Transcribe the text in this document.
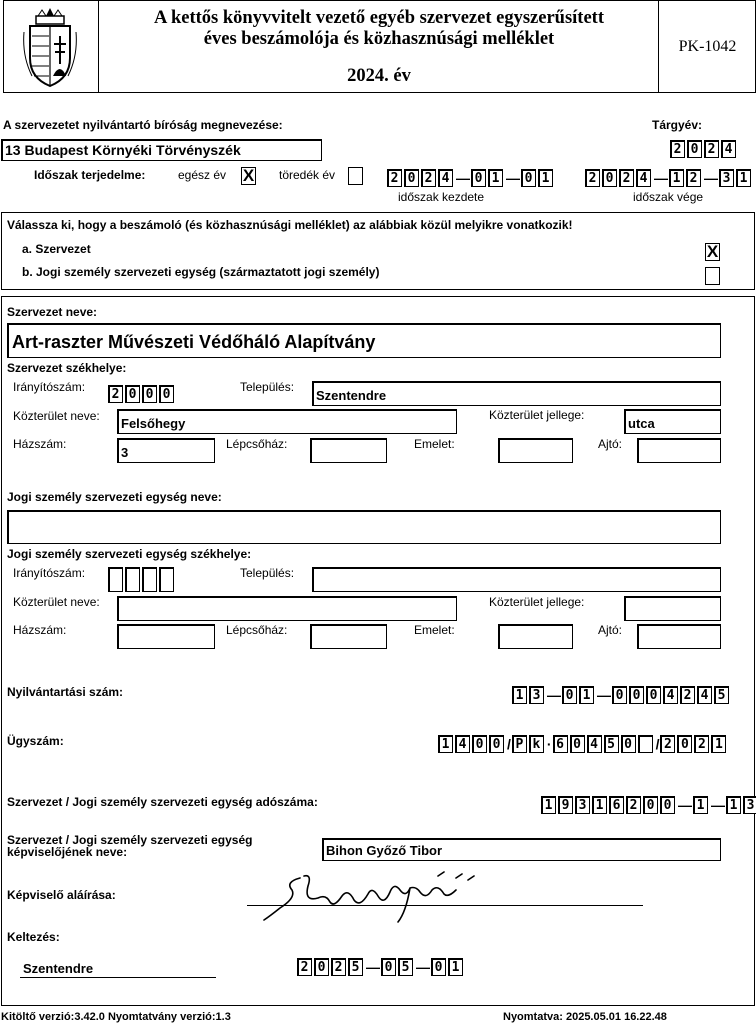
A kettős könyvvitelt vezető egyéb szervezet egyszerűsített
éves beszámolója és közhasznúsági melléklet
2024. év
PK-1042
A szervezetet nyilvántartó bíróság megnevezése:	Tárgyév:
13 Budapest Környéki Törvényszék	2 0 2 4
Időszak terjedelme:	egész év X töredék év	2 0 2 4 — 0 1 — 0 1
időszak kezdete
2 0 2 4 — 1 2 — 3 1
időszak vége
Válassza ki, hogy a beszámoló (és közhasznúsági melléklet) az alábbiak közül melyikre vonatkozik!
a. Szervezet	X
b. Jogi személy szervezeti egység (származtatott jogi személy)
Szervezet neve:
Art-raszter Művészeti Védőháló Alapítvány
Szervezet székhelye:
Irányítószám: 2 0 0 0	Település:
Szentendre
Közterület neve:	Felsőhegy
Közterület jellege:
utca
Házszám:
3
Lépcsőház:	Emelet:	Ajtó:
Jogi személy szervezeti egység neve:
Jogi személy szervezeti egység székhelye:
Irányítószám:	Település:
Közterület neve:	Közterület jellege:
Házszám:	Lépcsőház:	Emelet:	Ajtó:
Nyilvántartási szám:	1 3 — 0 1 — 0 0 0 4 2 4 5
Ügyszám:	1 4 0 0 / P k · 6 0 4 5 0 / 2 0 2 1
Szervezet / Jogi személy szervezeti egység adószáma:	1 9 3 1 6 2 0 0 — 1 — 1 3
Szervezet / Jogi személy szervezeti egység
képviselőjének neve:	Bihon Győző Tibor
Képviselő aláírása:
Keltezés:
Szentendre	2 0 2 5 — 0 5 — 0 1
Kitöltő verzió:3.42.0 Nyomtatvány verzió:1.3	Nyomtatva: 2025.05.01 16.22.48
